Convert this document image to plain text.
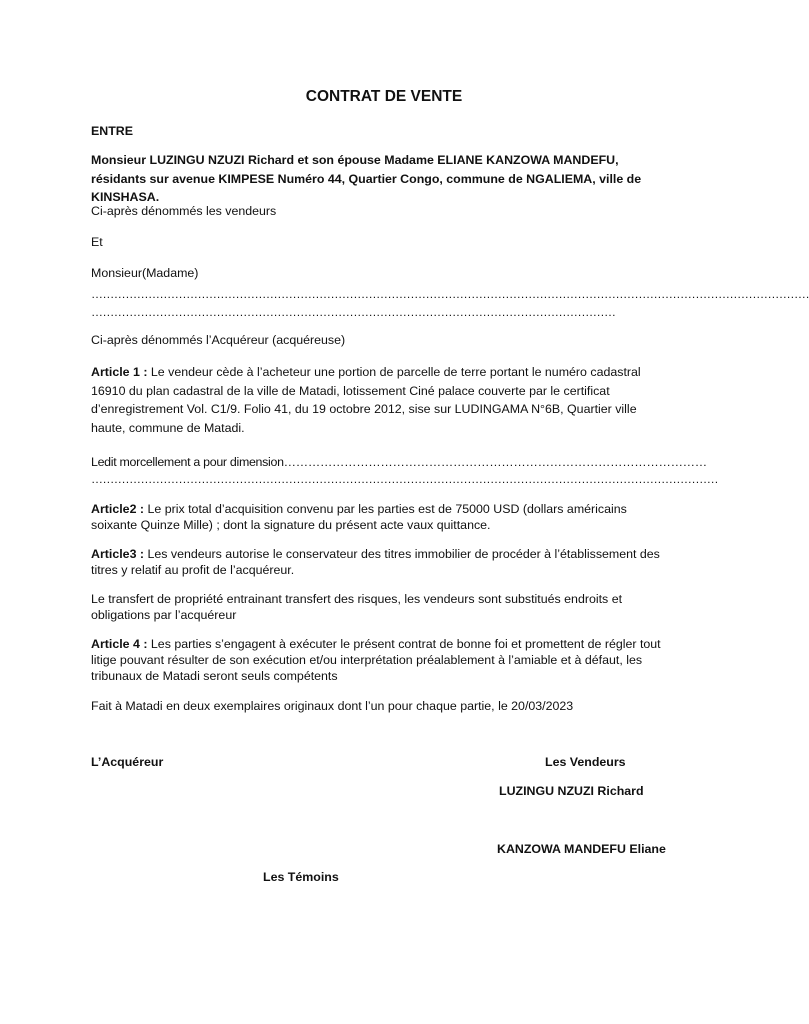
CONTRAT DE VENTE

ENTRE

Monsieur LUZINGU NZUZI Richard et son épouse Madame ELIANE KANZOWA MANDEFU, résidants sur avenue KIMPESE Numéro 44, Quartier Congo, commune de NGALIEMA, ville de KINSHASA.

Ci-après dénommés les vendeurs

Et

Monsieur(Madame)

………………………………………………………………………………………………………………………………………………………………………

…………………………………………………………………………………………………………………………

Ci-après dénommés l’Acquéreur (acquéreuse)

Article 1 : Le vendeur cède à l’acheteur une portion de parcelle de terre portant le numéro cadastral 16910 du plan cadastral de la ville de Matadi, lotissement Ciné palace couverte par le certificat d’enregistrement Vol. C1/9. Folio 41, du 19 octobre 2012, sise sur LUDINGAMA N°6B, Quartier ville haute, commune de Matadi.

Ledit morcellement a pour dimension……………………………………………………………………………………………

…………………………………………………………………………………………………………………………………………………

Article2 : Le prix total d’acquisition convenu par les parties est de 75000 USD (dollars américains soixante Quinze Mille) ; dont la signature du présent acte vaux quittance.

Article3 : Les vendeurs autorise le conservateur des titres immobilier de procéder à l’établissement des titres y relatif au profit de l’acquéreur.

Le transfert de propriété entrainant transfert des risques, les vendeurs sont substitués endroits et obligations par l’acquéreur

Article 4 : Les parties s’engagent à exécuter le présent contrat de bonne foi et promettent de régler tout litige pouvant résulter de son exécution et/ou interprétation préalablement à l’amiable et à défaut, les tribunaux de Matadi seront seuls compétents

Fait à Matadi en deux exemplaires originaux dont l’un pour chaque partie, le 20/03/2023

L’Acquéreur	Les Vendeurs

LUZINGU NZUZI Richard

KANZOWA MANDEFU Eliane

Les Témoins
